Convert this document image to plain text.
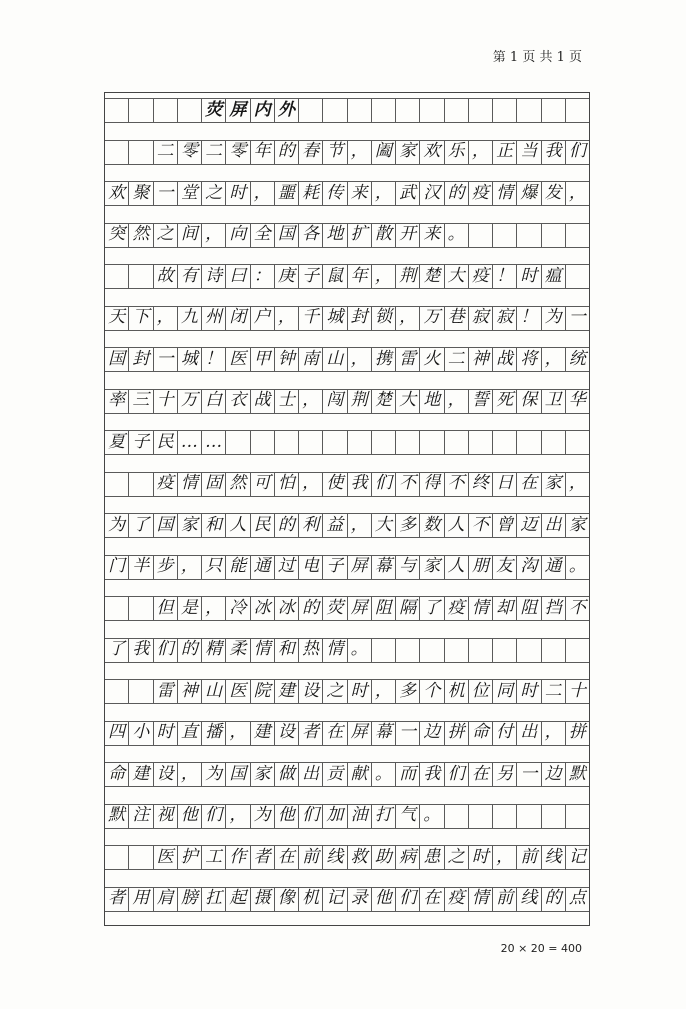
第 1 页 共 1 页
荧 屏 内 外
二 零 二 零 年 的 春 节 ， 阖 家 欢 乐 ， 正 当 我 们
欢 聚 一 堂 之 时 ， 噩 耗 传 来 ， 武 汉 的 疫 情 爆 发 ，
突 然 之 间 ， 向 全 国 各 地 扩 散 开 来 。
故 有 诗 曰 ： 庚 子 鼠 年 ， 荆 楚 大 疫 ！ 时 瘟
天 下 ， 九 州 闭 户 ， 千 城 封 锁 ， 万 巷 寂 寂 ！ 为 一
国 封 一 城 ！ 医 甲 钟 南 山 ， 携 雷 火 二 神 战 将 ， 统
率 三 十 万 白 衣 战 士 ， 闯 荆 楚 大 地 ， 誓 死 保 卫 华
夏 子 民 … …
疫 情 固 然 可 怕 ， 使 我 们 不 得 不 终 日 在 家 ，
为 了 国 家 和 人 民 的 利 益 ， 大 多 数 人 不 曾 迈 出 家
门 半 步 ， 只 能 通 过 电 子 屏 幕 与 家 人 朋 友 沟 通 。
但 是 ， 冷 冰 冰 的 荧 屏 阻 隔 了 疫 情 却 阻 挡 不
了 我 们 的 精 柔 情 和 热 情 。
雷 神 山 医 院 建 设 之 时 ， 多 个 机 位 同 时 二 十
四 小 时 直 播 ， 建 设 者 在 屏 幕 一 边 拼 命 付 出 ， 拼
命 建 设 ， 为 国 家 做 出 贡 献 。 而 我 们 在 另 一 边 默
默 注 视 他 们 ， 为 他 们 加 油 打 气 。
医 护 工 作 者 在 前 线 救 助 病 患 之 时 ， 前 线 记
者 用 肩 膀 扛 起 摄 像 机 记 录 他 们 在 疫 情 前 线 的 点
20 × 20 = 400
